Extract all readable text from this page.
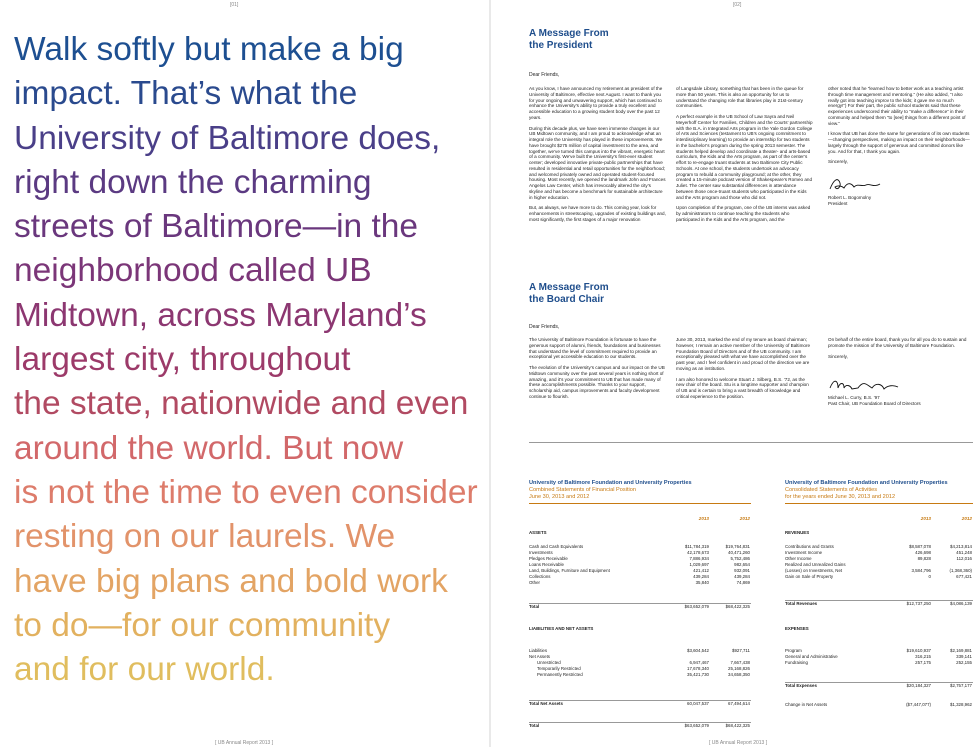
[01]
Walk softly but make a big
impact. That’s what the
University of Baltimore does,
right down the charming
streets of Baltimore—in the
neighborhood called UB
Midtown, across Maryland’s
largest city, throughout
the state, nationwide and even
around the world. But now
is not the time to even consider
resting on our laurels. We
have big plans and bold work
to do—for our community
and for our world.
[ UB Annual Report 2013 ]
[02]
A Message From
the President
Dear Friends,

As you know, I have announced my retirement as president of the University of Baltimore, effective next August. I want to thank you for your ongoing and unwavering support, which has continued to enhance the University’s ability to provide a truly excellent and accessible education to a growing student body over the past 12 years.

During this decade plus, we have seen immense changes in our UB Midtown community, and I am proud to acknowledge what an integral role the University has played in these improvements. We have brought $275 million of capital investment to the area, and together, we’ve turned this campus into the vibrant, energetic heart of a community. We’ve built the University’s first-ever student center; developed innovative private-public partnerships that have resulted in residential and retail opportunities for the neighborhood; and welcomed privately owned and operated student-focused housing. Most recently, we opened the landmark John and Frances Angelos Law Center, which has irrevocably altered the city’s skyline and has become a benchmark for sustainable architecture in higher education.

But, as always, we have more to do. This coming year, look for enhancements in streetscaping, upgrades of existing buildings and, most significantly, the first stages of a major renovation

of Langsdale Library, something that has been in the queue for more than 50 years. This is also an opportunity for us to understand the changing role that libraries play in 21st-century communities.

A perfect example is the UB School of Law Sayra and Neil Meyerhoff Center for Families, Children and the Courts’ partnership with the B.A. in Integrated Arts program in the Yale Gordon College of Arts and Sciences (testament to UB’s ongoing commitment to interdisciplinary learning) to provide an internship for two students in the bachelor’s program during the spring 2013 semester. The students helped develop and coordinate a theater- and arts-based curriculum, the Kids and the Arts program, as part of the center’s effort to re-engage truant students at two Baltimore City Public Schools. At one school, the students undertook an advocacy program to rebuild a community playground; at the other, they created a 15-minute podcast version of Shakespeare’s Romeo and Juliet. The center saw substantial differences in attendance between those once-truant students who participated in the Kids and the Arts program and those who did not.

Upon completion of the program, one of the UB interns was asked by administrators to continue teaching the students who participated in the Kids and the Arts program, and the

other noted that he “learned how to better work as a teaching artist through time management and mentoring.” (He also added, “I also really got into teaching improv to the kids; it gave me so much energy!”) For their part, the public school students said that these experiences underscored their ability to “make a difference” in their community and helped them “to [see] things from a different point of view.”

I know that UB has done the same for generations of its own students—changing perspectives, making an impact on their neighborhoods—largely through the support of generous and committed donors like you. And for that, I thank you again.

Sincerely,

Robert L. Bogomolny
President
A Message From
the Board Chair
Dear Friends,

The University of Baltimore Foundation is fortunate to have the generous support of alumni, friends, foundations and businesses that understand the level of commitment required to provide an exceptional yet accessible education to our students.

The evolution of the University’s campus and our impact on the UB Midtown community over the past several years is nothing short of amazing, and it’s your commitment to UB that has made many of these accomplishments possible. Thanks to your support, scholarship aid, campus improvements and faculty development continue to flourish.

June 30, 2013, marked the end of my tenure as board chairman; however, I remain an active member of the University of Baltimore Foundation Board of Directors and of the UB community. I am exceptionally pleased with what we have accomplished over the past year, and I feel confident in and proud of the direction we are moving as an institution.

I am also honored to welcome Stuart J. Silberg, B.S. ’72, as the new chair of the board. Stu is a longtime supporter and champion of UB and is certain to bring a vast breadth of knowledge and critical experience to the position.

On behalf of the entire board, thank you for all you do to sustain and promote the mission of the University of Baltimore Foundation.

Sincerely,

Michael L. Curry, B.S. ’97
Past Chair, UB Foundation Board of Directors
University of Baltimore Foundation and University Properties
Combined Statements of Financial Position
June 30, 2013 and 2012
2013	2012
ASSETS
Cash and Cash Equivalents	$11,784,319	$19,764,831
Investments	42,178,673	40,471,260
Pledges Receivable	7,886,934	5,752,486
Loans Receivable	1,029,697	982,654
Land, Buildings, Furniture and Equipment	421,412	932,091
Collections	439,284	439,284
Other	35,840	74,869
Total	$63,652,079	$68,422,325
LIABILITIES AND NET ASSETS
Liabilities	$3,604,542	$927,711
Net Assets
Unrestricted	6,947,467	7,667,438
Temporarily Restricted	17,678,340	25,168,826
Permanently Restricted	35,421,730	34,658,350
Total Net Assets	60,047,537	67,494,614
Total	$63,652,079	$68,422,325
University of Baltimore Foundation and University Properties
Consolidated Statements of Activities
for the years ended June 30, 2013 and 2012
2013	2012
REVENUES
Contributions and Grants	$8,587,078	$4,213,814
Investment Income	426,698	451,248
Other Income	89,828	112,016
Realized and Unrealized Gains
(Losses) on Investments, Net	3,584,796	(1,368,360)
Gain on Sale of Property	0	677,421
Total Revenues	$12,737,250	$4,086,139
EXPENSES
Program	$19,610,937	$2,169,881
General and Administrative	316,215	339,141
Fundraising	257,175	252,155
Total Expenses	$20,184,327	$2,757,177
Change in Net Assets	($7,447,077)	$1,328,962
[ UB Annual Report 2013 ]
